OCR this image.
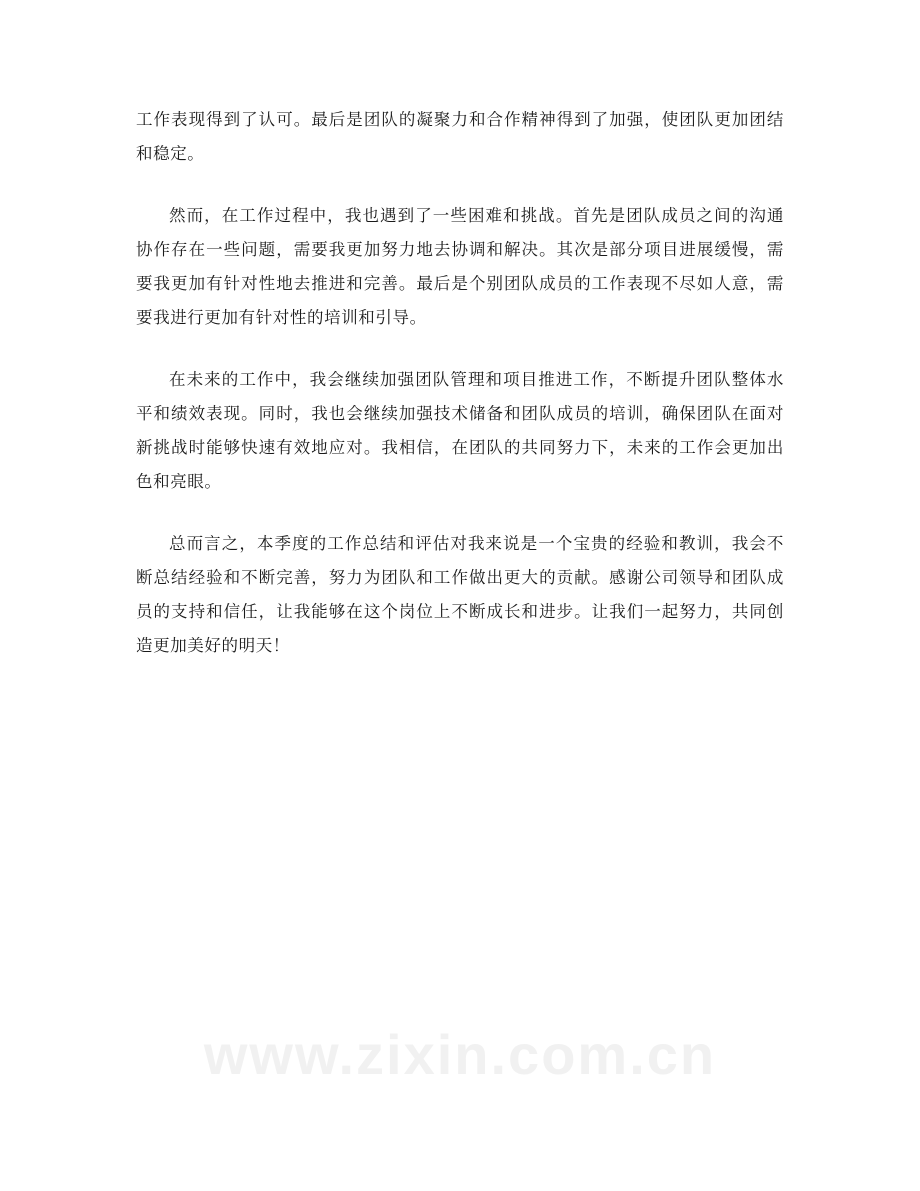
工作表现得到了认可。最后是团队的凝聚力和合作精神得到了加强，使团队更加团结和稳定。

然而，在工作过程中，我也遇到了一些困难和挑战。首先是团队成员之间的沟通协作存在一些问题，需要我更加努力地去协调和解决。其次是部分项目进展缓慢，需要我更加有针对性地去推进和完善。最后是个别团队成员的工作表现不尽如人意，需要我进行更加有针对性的培训和引导。

在未来的工作中，我会继续加强团队管理和项目推进工作，不断提升团队整体水平和绩效表现。同时，我也会继续加强技术储备和团队成员的培训，确保团队在面对新挑战时能够快速有效地应对。我相信，在团队的共同努力下，未来的工作会更加出色和亮眼。

总而言之，本季度的工作总结和评估对我来说是一个宝贵的经验和教训，我会不断总结经验和不断完善，努力为团队和工作做出更大的贡献。感谢公司领导和团队成员的支持和信任，让我能够在这个岗位上不断成长和进步。让我们一起努力，共同创造更加美好的明天！

www.zixin.com.cn
